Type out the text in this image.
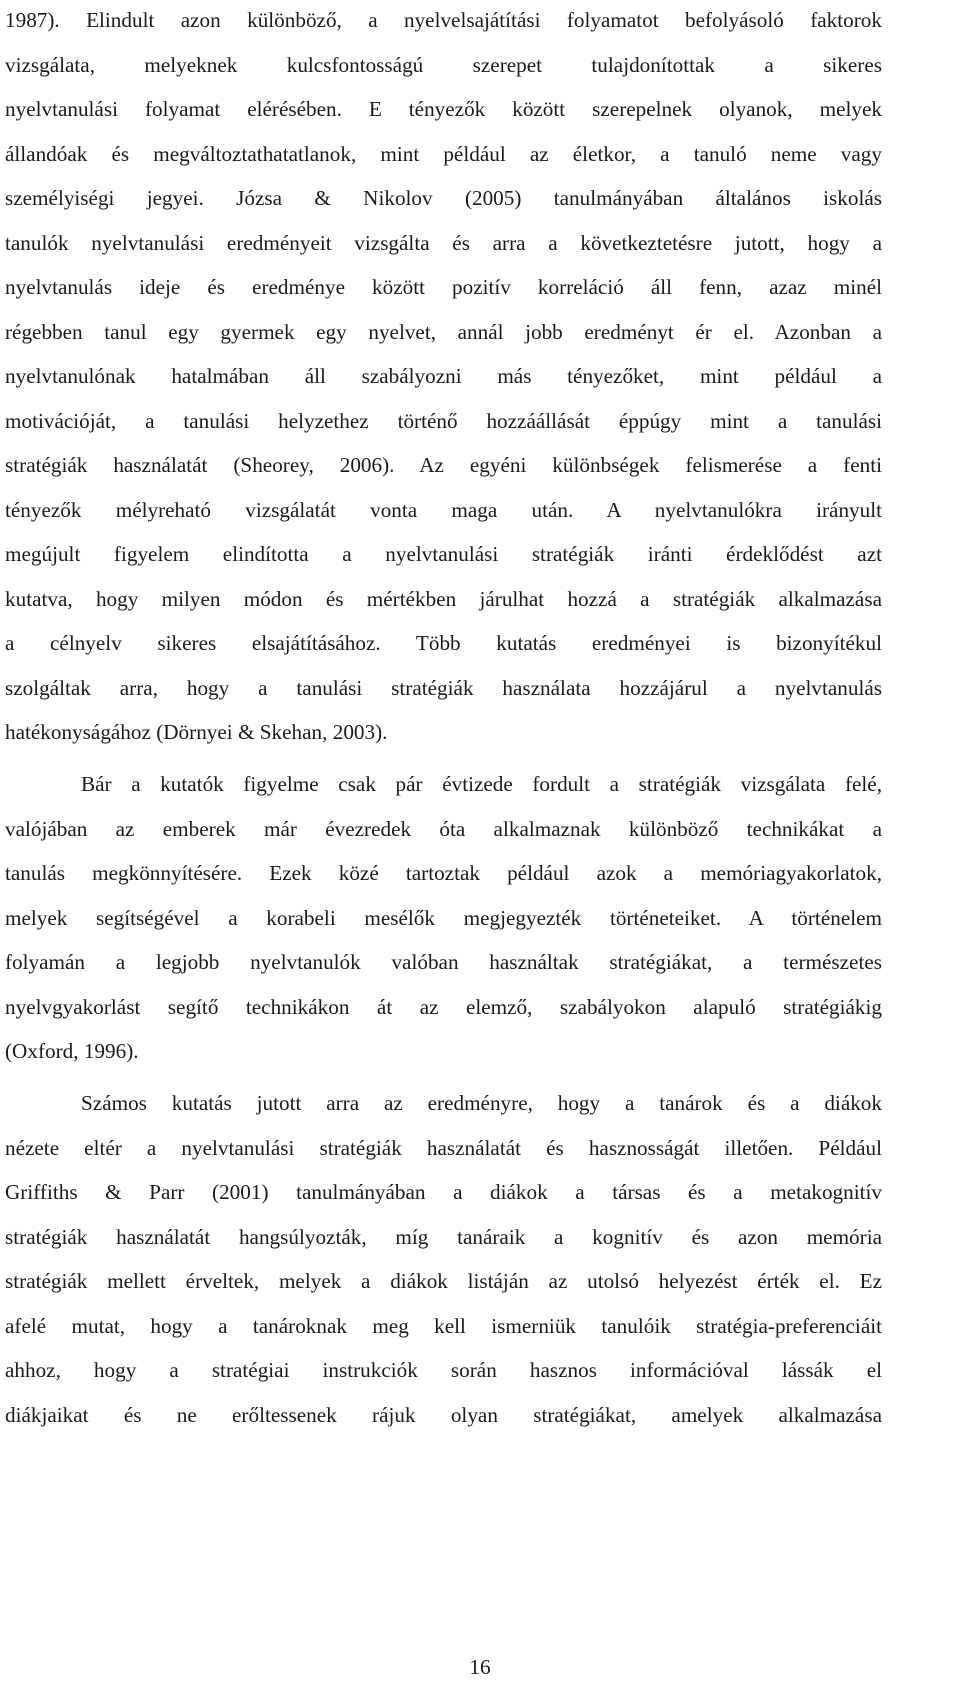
1987). Elindult azon különböző, a nyelvelsajátítási folyamatot befolyásoló faktorok
vizsgálata, melyeknek kulcsfontosságú szerepet tulajdonítottak a sikeres
nyelvtanulási folyamat elérésében. E tényezők között szerepelnek olyanok, melyek
állandóak és megváltoztathatatlanok, mint például az életkor, a tanuló neme vagy
személyiségi jegyei. Józsa & Nikolov (2005) tanulmányában általános iskolás
tanulók nyelvtanulási eredményeit vizsgálta és arra a következtetésre jutott, hogy a
nyelvtanulás ideje és eredménye között pozitív korreláció áll fenn, azaz minél
régebben tanul egy gyermek egy nyelvet, annál jobb eredményt ér el. Azonban a
nyelvtanulónak hatalmában áll szabályozni más tényezőket, mint például a
motivációját, a tanulási helyzethez történő hozzáállását éppúgy mint a tanulási
stratégiák használatát (Sheorey, 2006). Az egyéni különbségek felismerése a fenti
tényezők mélyreható vizsgálatát vonta maga után. A nyelvtanulókra irányult
megújult figyelem elindította a nyelvtanulási stratégiák iránti érdeklődést azt
kutatva, hogy milyen módon és mértékben járulhat hozzá a stratégiák alkalmazása
a célnyelv sikeres elsajátításához. Több kutatás eredményei is bizonyítékul
szolgáltak arra, hogy a tanulási stratégiák használata hozzájárul a nyelvtanulás
hatékonyságához (Dörnyei & Skehan, 2003).
Bár a kutatók figyelme csak pár évtizede fordult a stratégiák vizsgálata felé,
valójában az emberek már évezredek óta alkalmaznak különböző technikákat a
tanulás megkönnyítésére. Ezek közé tartoztak például azok a memóriagyakorlatok,
melyek segítségével a korabeli mesélők megjegyezték történeteiket. A történelem
folyamán a legjobb nyelvtanulók valóban használtak stratégiákat, a természetes
nyelvgyakorlást segítő technikákon át az elemző, szabályokon alapuló stratégiákig
(Oxford, 1996).
Számos kutatás jutott arra az eredményre, hogy a tanárok és a diákok
nézete eltér a nyelvtanulási stratégiák használatát és hasznosságát illetően. Például
Griffiths & Parr (2001) tanulmányában a diákok a társas és a metakognitív
stratégiák használatát hangsúlyozták, míg tanáraik a kognitív és azon memória
stratégiák mellett érveltek, melyek a diákok listáján az utolsó helyezést érték el. Ez
afelé mutat, hogy a tanároknak meg kell ismerniük tanulóik stratégia-preferenciáit
ahhoz, hogy a stratégiai instrukciók során hasznos információval lássák el
diákjaikat és ne erőltessenek rájuk olyan stratégiákat, amelyek alkalmazása
16
